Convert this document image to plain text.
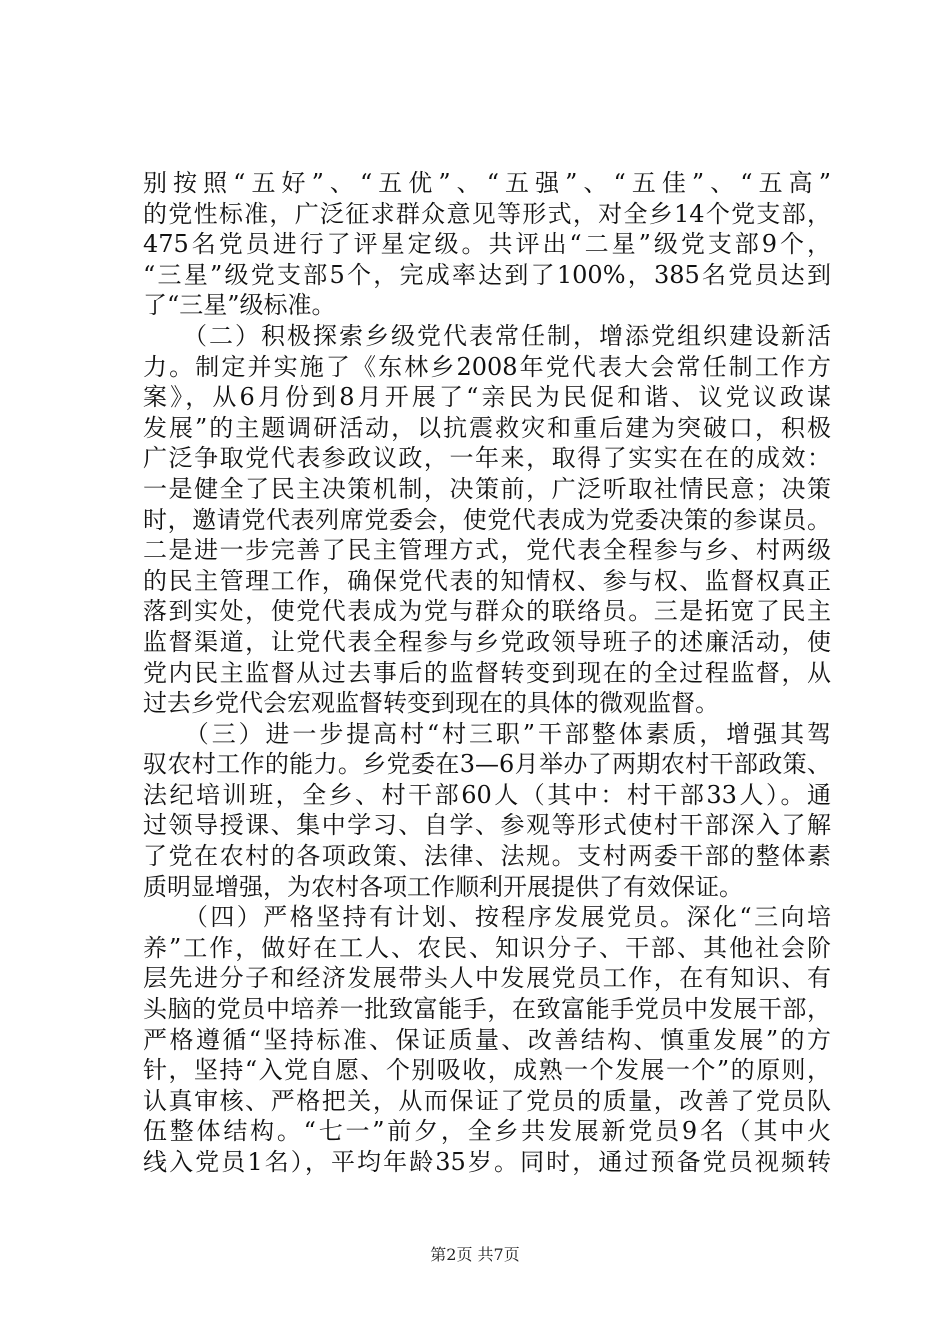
别按照“五好”、“五优”、“五强”、“五佳”、“五高”
的党性标准，广泛征求群众意见等形式，对全乡14个党支部，
475名党员进行了评星定级。共评出“二星”级党支部9个，
“三星”级党支部5个，完成率达到了100%，385名党员达到
了“三星”级标准。
　　（二）积极探索乡级党代表常任制，增添党组织建设新活
力。制定并实施了《东林乡2008年党代表大会常任制工作方
案》，从6月份到8月开展了“亲民为民促和谐、议党议政谋
发展”的主题调研活动，以抗震救灾和重后建为突破口，积极
广泛争取党代表参政议政，一年来，取得了实实在在的成效：
一是健全了民主决策机制，决策前，广泛听取社情民意；决策
时，邀请党代表列席党委会，使党代表成为党委决策的参谋员。
二是进一步完善了民主管理方式，党代表全程参与乡、村两级
的民主管理工作，确保党代表的知情权、参与权、监督权真正
落到实处，使党代表成为党与群众的联络员。三是拓宽了民主
监督渠道，让党代表全程参与乡党政领导班子的述廉活动，使
党内民主监督从过去事后的监督转变到现在的全过程监督，从
过去乡党代会宏观监督转变到现在的具体的微观监督。
　　（三）进一步提高村“村三职”干部整体素质，增强其驾
驭农村工作的能力。乡党委在3—6月举办了两期农村干部政策、
法纪培训班，全乡、村干部60人（其中：村干部33人）。通
过领导授课、集中学习、自学、参观等形式使村干部深入了解
了党在农村的各项政策、法律、法规。支村两委干部的整体素
质明显增强，为农村各项工作顺利开展提供了有效保证。
　　（四）严格坚持有计划、按程序发展党员。深化“三向培
养”工作，做好在工人、农民、知识分子、干部、其他社会阶
层先进分子和经济发展带头人中发展党员工作，在有知识、有
头脑的党员中培养一批致富能手，在致富能手党员中发展干部，
严格遵循“坚持标准、保证质量、改善结构、慎重发展”的方
针，坚持“入党自愿、个别吸收，成熟一个发展一个”的原则，
认真审核、严格把关，从而保证了党员的质量，改善了党员队
伍整体结构。“七一”前夕，全乡共发展新党员9名（其中火
线入党员1名），平均年龄35岁。同时，通过预备党员视频转
第2页 共7页
